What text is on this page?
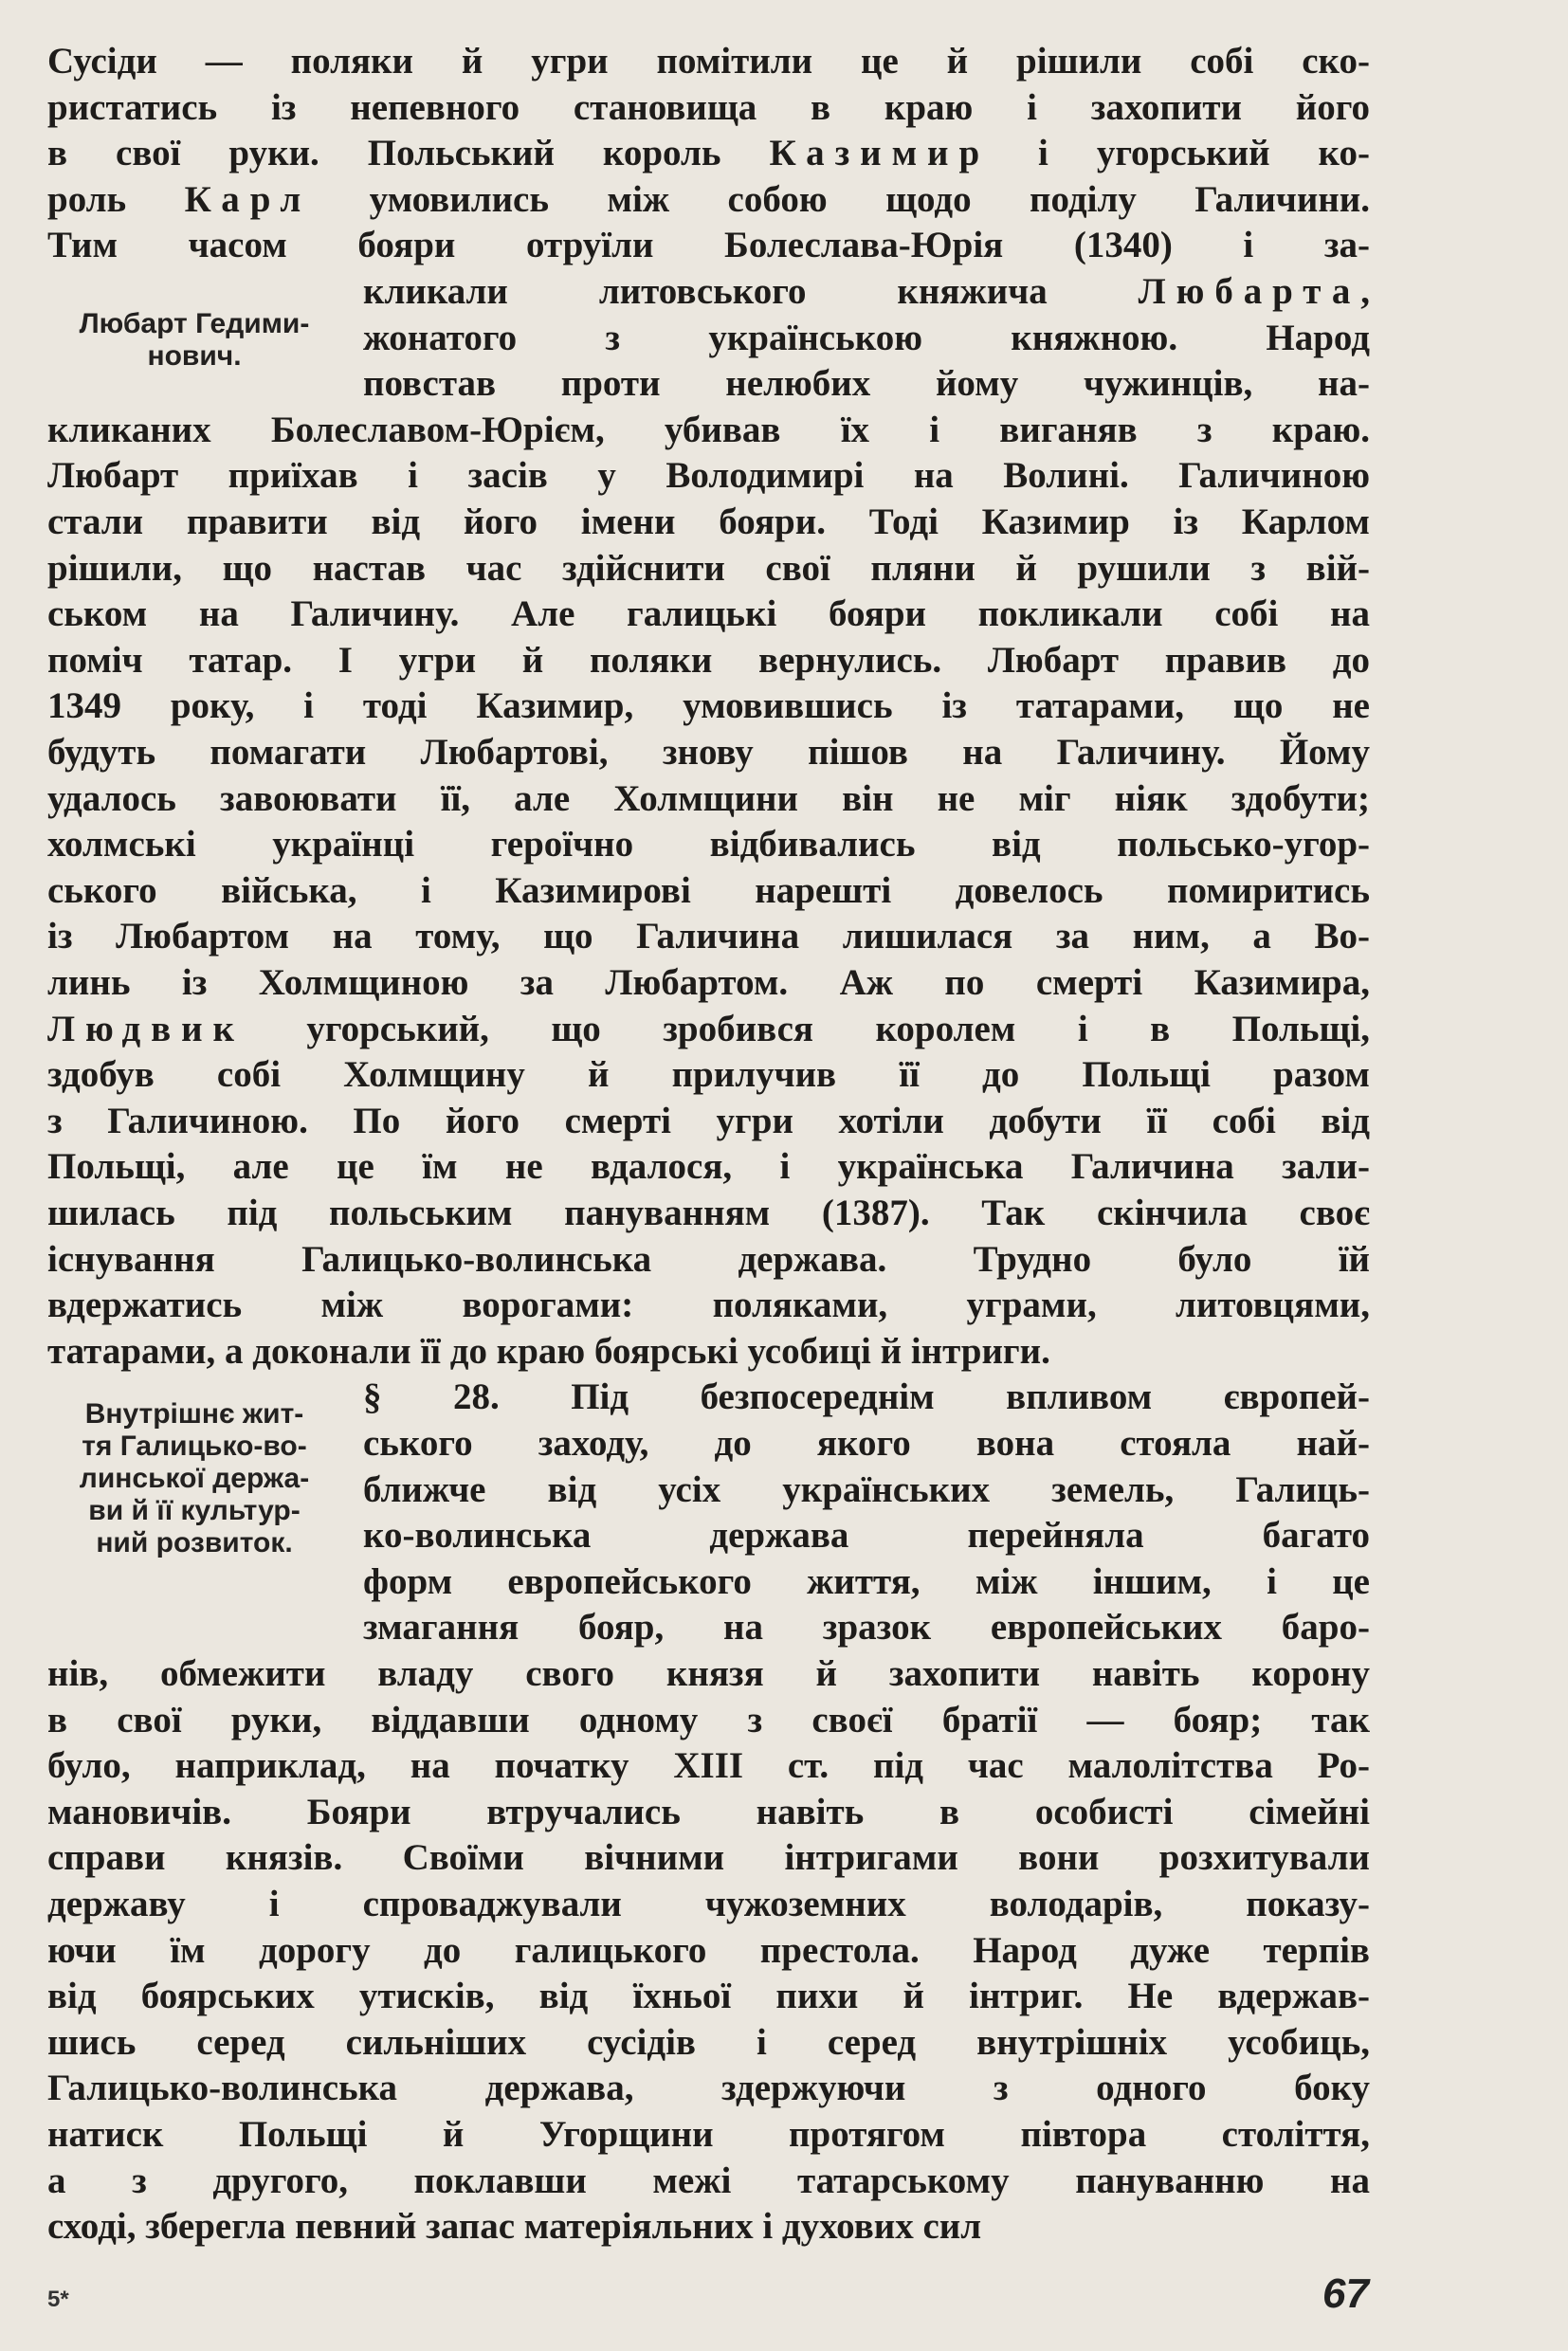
Сусіди — поляки й угри помітили це й рішили собі ско-
ристатись із непевного становища в краю і захопити його
в свої руки. Польський король Казимир і угорський ко-
роль Карл умовились між собою щодо поділу Галичини.
Тим часом бояри отруїли Болеслава-Юрія (1340) і за-
кликали литовського княжича Любарта,
жонатого з українською княжною. Народ
повстав проти нелюбих йому чужинців, на-
кликаних Болеславом-Юрієм, убивав їх і виганяв з краю.
Любарт приїхав і засів у Володимирі на Волині. Галичиною
стали правити від його імени бояри. Тоді Казимир із Карлом
рішили, що настав час здійснити свої пляни й рушили з вій-
ськом на Галичину. Але галицькі бояри покликали собі на
поміч татар. І угри й поляки вернулись. Любарт правив до
1349 року, і тоді Казимир, умовившись із татарами, що не
будуть помагати Любартові, знову пішов на Галичину. Йому
удалось завоювати її, але Холмщини він не міг ніяк здобути;
холмські українці героїчно відбивались від польсько-угор-
ського війська, і Казимирові нарешті довелось помиритись
із Любартом на тому, що Галичина лишилася за ним, а Во-
линь із Холмщиною за Любартом. Аж по смерті Казимира,
Людвик угорський, що зробився королем і в Польщі,
здобув собі Холмщину й прилучив її до Польщі разом
з Галичиною. По його смерті угри хотіли добути її собі від
Польщі, але це їм не вдалося, і українська Галичина зали-
шилась під польським пануванням (1387). Так скінчила своє
існування Галицько-волинська держава. Трудно було їй
вдержатись між ворогами: поляками, уграми, литовцями,
татарами, а доконали її до краю боярські усобиці й інтриги.
§ 28. Під безпосереднім впливом європей-
ського заходу, до якого вона стояла най-
ближче від усіх українських земель, Галиць-
ко-волинська держава перейняла багато
форм европейського життя, між іншим, і це
змагання бояр, на зразок европейських баро-
нів, обмежити владу свого князя й захопити навіть корону
в свої руки, віддавши одному з своєї братії — бояр; так
було, наприклад, на початку XIII ст. під час малолітства Ро-
мановичів. Бояри втручались навіть в особисті сімейні
справи князів. Своїми вічними інтригами вони розхитували
державу і спроваджували чужоземних володарів, показу-
ючи їм дорогу до галицького престола. Народ дуже терпів
від боярських утисків, від їхньої пихи й інтриг. Не вдержав-
шись серед сильніших сусідів і серед внутрішніх усобиць,
Галицько-волинська держава, здержуючи з одного боку
натиск Польщі й Угорщини протягом півтора століття,
а з другого, поклавши межі татарському пануванню на
сході, зберегла певний запас матеріяльних і духових сил
Любарт Гедими-
нович.
Внутрішнє жит-
тя Галицько-во-
линської держа-
ви й її культур-
ний розвиток.
5*	67
